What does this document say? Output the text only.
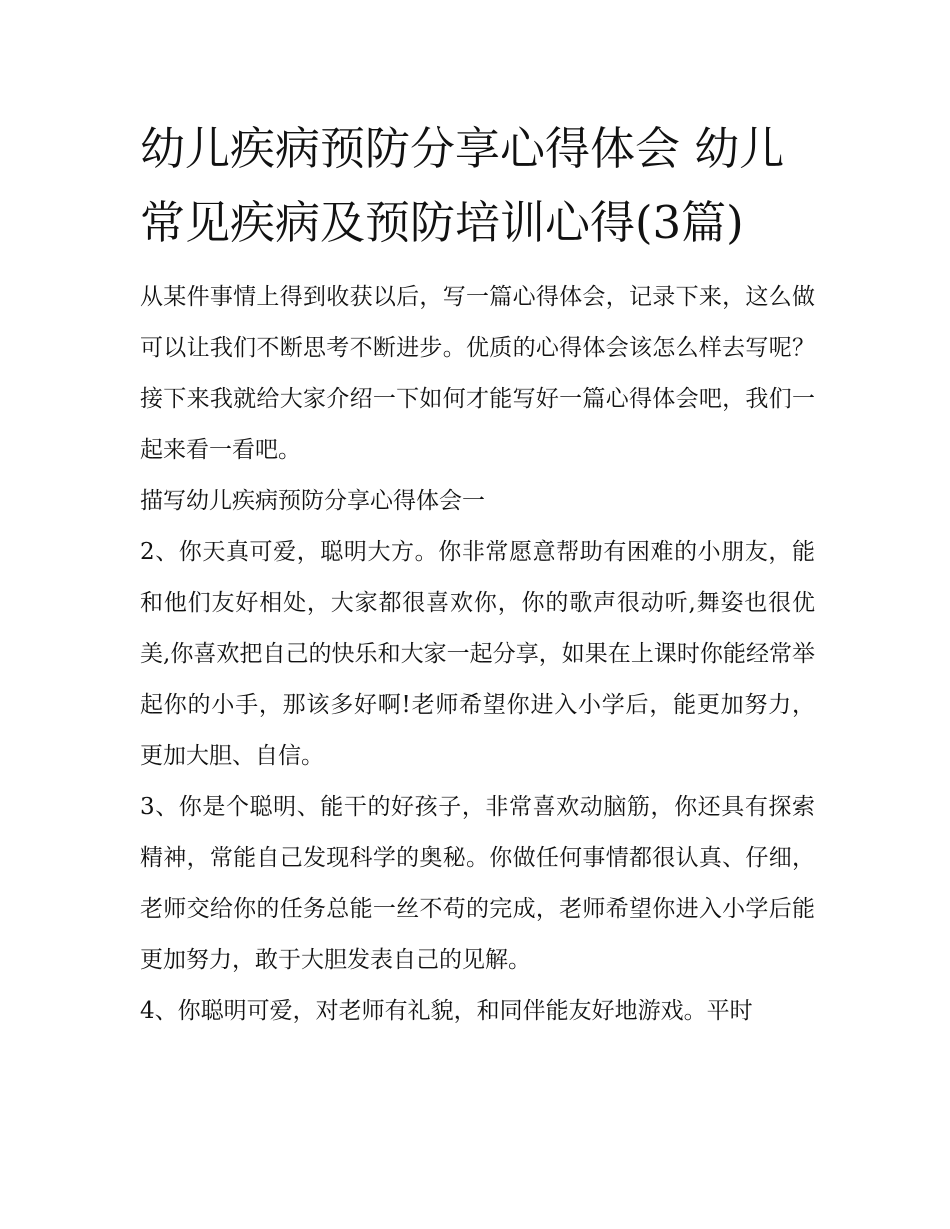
幼儿疾病预防分享心得体会 幼儿常见疾病及预防培训心得(3篇)

从某件事情上得到收获以后，写一篇心得体会，记录下来，这么做可以让我们不断思考不断进步。优质的心得体会该怎么样去写呢？接下来我就给大家介绍一下如何才能写好一篇心得体会吧，我们一起来看一看吧。

描写幼儿疾病预防分享心得体会一

2、你天真可爱，聪明大方。你非常愿意帮助有困难的小朋友，能和他们友好相处，大家都很喜欢你，你的歌声很动听,舞姿也很优美,你喜欢把自己的快乐和大家一起分享，如果在上课时你能经常举起你的小手，那该多好啊!老师希望你进入小学后，能更加努力，更加大胆、自信。

3、你是个聪明、能干的好孩子，非常喜欢动脑筋，你还具有探索精神，常能自己发现科学的奥秘。你做任何事情都很认真、仔细，老师交给你的任务总能一丝不苟的完成，老师希望你进入小学后能更加努力，敢于大胆发表自己的见解。

4、你聪明可爱，对老师有礼貌，和同伴能友好地游戏。平时
